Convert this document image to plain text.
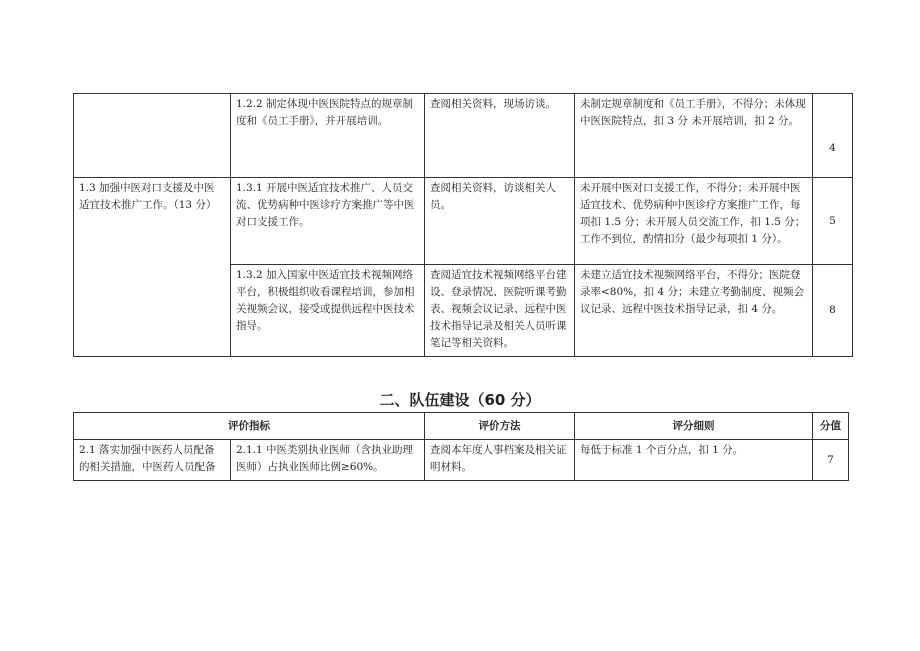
	1.2.2 制定体现中医医院特点的规章制度和《员工手册》，并开展培训。	查阅相关资料，现场访谈。	未制定规章制度和《员工手册》，不得分；未体现中医医院特点，扣 3 分 未开展培训，扣 2 分。	4
1.3 加强中医对口支援及中医适宜技术推广工作。（13 分）	1.3.1 开展中医适宜技术推广、人员交流、优势病种中医诊疗方案推广等中医对口支援工作。	查阅相关资料，访谈相关人员。	未开展中医对口支援工作，不得分；未开展中医适宜技术、优势病种中医诊疗方案推广工作，每项扣 1.5 分；未开展人员交流工作，扣 1.5 分；工作不到位，酌情扣分（最少每项扣 1 分）。	5
	1.3.2 加入国家中医适宜技术视频网络平台，积极组织收看课程培训，参加相关视频会议，接受或提供远程中医技术指导。	查阅适宜技术视频网络平台建设、登录情况、医院听课考勤表、视频会议记录、远程中医技术指导记录及相关人员听课笔记等相关资料。	未建立适宜技术视频网络平台，不得分；医院登录率<80%，扣 4 分；未建立考勤制度、视频会议记录、远程中医技术指导记录，扣 4 分。	8
二、队伍建设（60 分）
评价指标		评价方法	评分细则	分值
2.1 落实加强中医药人员配备的相关措施，中医药人员配备	2.1.1 中医类别执业医师（含执业助理医师）占执业医师比例≥60%。	查阅本年度人事档案及相关证明材料。	每低于标准 1 个百分点，扣 1 分。	7
